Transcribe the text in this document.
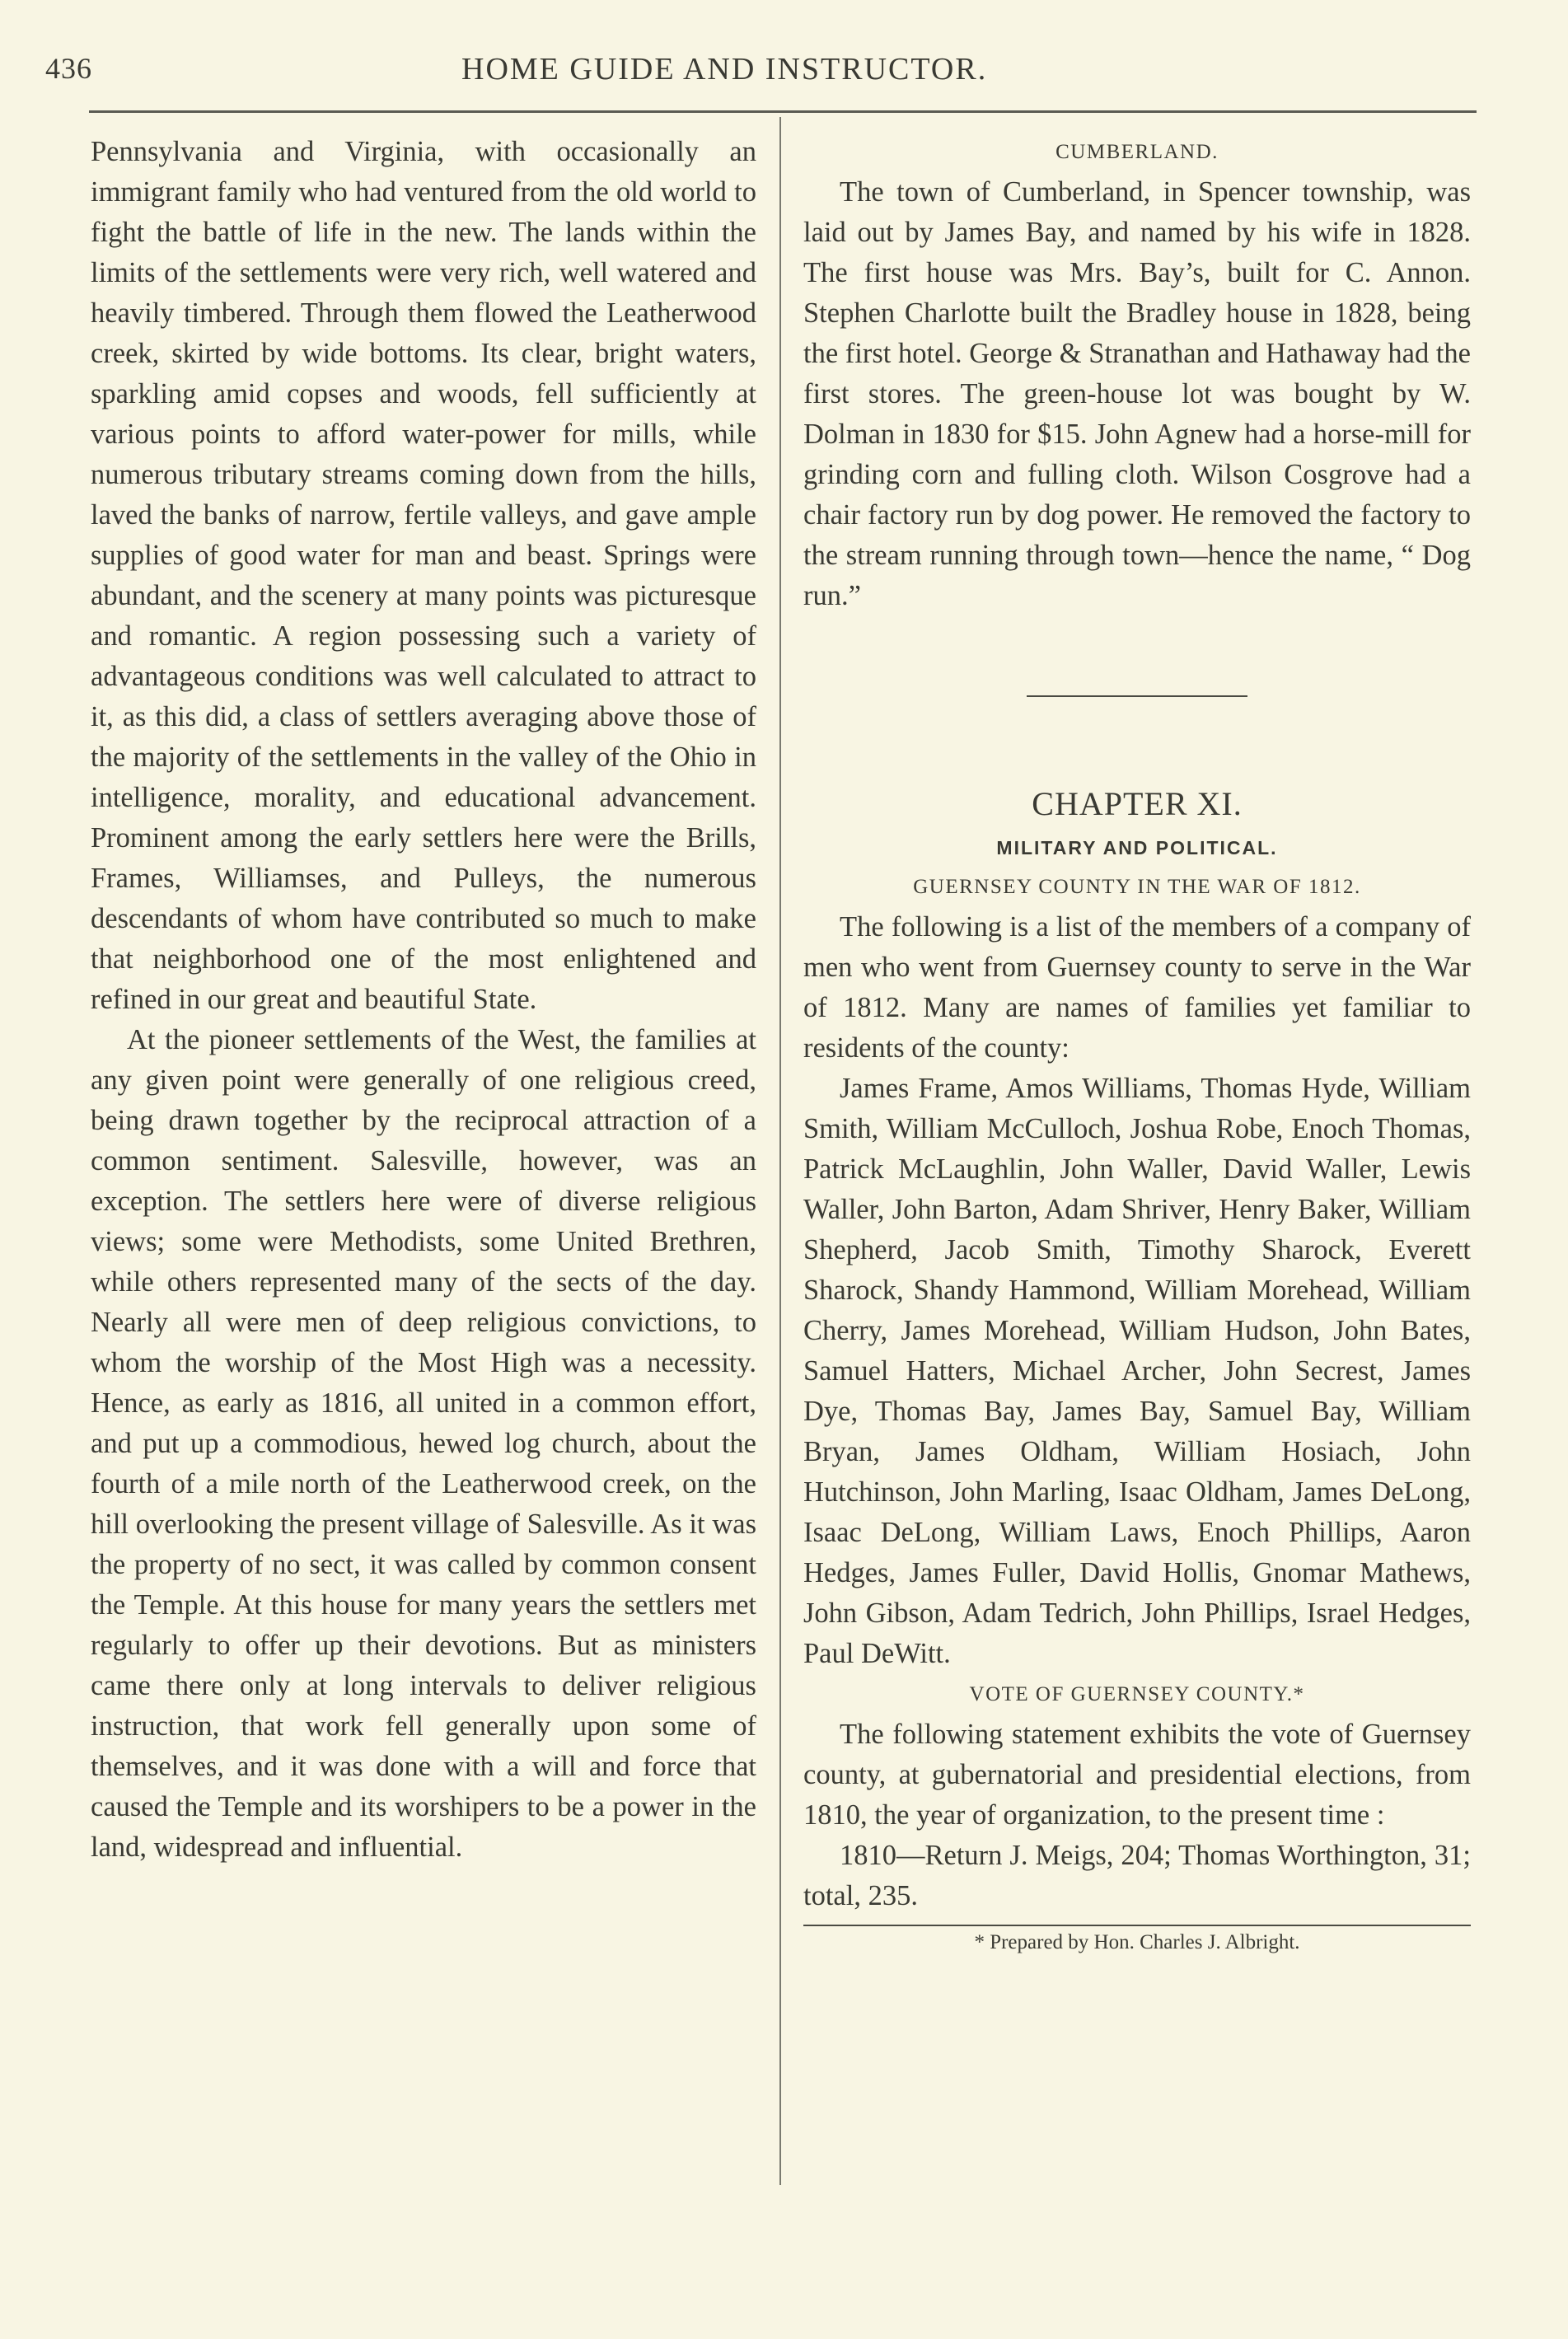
436	HOME GUIDE AND INSTRUCTOR.

Pennsylvania and Virginia, with occasionally an immigrant family who had ventured from the old world to fight the battle of life in the new. The lands within the limits of the settlements were very rich, well watered and heavily timbered. Through them flowed the Leatherwood creek, skirted by wide bottoms. Its clear, bright waters, sparkling amid copses and woods, fell sufficiently at various points to afford water-power for mills, while numerous tributary streams coming down from the hills, laved the banks of narrow, fertile valleys, and gave ample supplies of good water for man and beast. Springs were abundant, and the scenery at many points was picturesque and romantic. A region possessing such a variety of advantageous conditions was well calculated to attract to it, as this did, a class of settlers averaging above those of the majority of the settlements in the valley of the Ohio in intelligence, morality, and educational advancement. Prominent among the early settlers here were the Brills, Frames, Williamses, and Pulleys, the numerous descendants of whom have contributed so much to make that neighborhood one of the most enlightened and refined in our great and beautiful State.

At the pioneer settlements of the West, the families at any given point were generally of one religious creed, being drawn together by the reciprocal attraction of a common sentiment. Salesville, however, was an exception. The settlers here were of diverse religious views; some were Methodists, some United Brethren, while others represented many of the sects of the day. Nearly all were men of deep religious convictions, to whom the worship of the Most High was a necessity. Hence, as early as 1816, all united in a common effort, and put up a commodious, hewed log church, about the fourth of a mile north of the Leatherwood creek, on the hill overlooking the present village of Salesville. As it was the property of no sect, it was called by common consent the Temple. At this house for many years the settlers met regularly to offer up their devotions. But as ministers came there only at long intervals to deliver religious instruction, that work fell generally upon some of themselves, and it was done with a will and force that caused the Temple and its worshipers to be a power in the land, widespread and influential.

CUMBERLAND.

The town of Cumberland, in Spencer township, was laid out by James Bay, and named by his wife in 1828. The first house was Mrs. Bay’s, built for C. Annon. Stephen Charlotte built the Bradley house in 1828, being the first hotel. George & Stranathan and Hathaway had the first stores. The green-house lot was bought by W. Dolman in 1830 for $15. John Agnew had a horse-mill for grinding corn and fulling cloth. Wilson Cosgrove had a chair factory run by dog power. He removed the factory to the stream running through town—hence the name, “ Dog run.”

CHAPTER XI.

MILITARY AND POLITICAL.

GUERNSEY COUNTY IN THE WAR OF 1812.

The following is a list of the members of a company of men who went from Guernsey county to serve in the War of 1812. Many are names of families yet familiar to residents of the county:

James Frame, Amos Williams, Thomas Hyde, William Smith, William McCulloch, Joshua Robe, Enoch Thomas, Patrick McLaughlin, John Waller, David Waller, Lewis Waller, John Barton, Adam Shriver, Henry Baker, William Shepherd, Jacob Smith, Timothy Sharock, Everett Sharock, Shandy Hammond, William Morehead, William Cherry, James Morehead, William Hudson, John Bates, Samuel Hatters, Michael Archer, John Secrest, James Dye, Thomas Bay, James Bay, Samuel Bay, William Bryan, James Oldham, William Hosiach, John Hutchinson, John Marling, Isaac Oldham, James DeLong, Isaac DeLong, William Laws, Enoch Phillips, Aaron Hedges, James Fuller, David Hollis, Gnomar Mathews, John Gibson, Adam Tedrich, John Phillips, Israel Hedges, Paul DeWitt.

VOTE OF GUERNSEY COUNTY.*

The following statement exhibits the vote of Guernsey county, at gubernatorial and presidential elections, from 1810, the year of organization, to the present time :

1810—Return J. Meigs, 204; Thomas Worthington, 31; total, 235.

* Prepared by Hon. Charles J. Albright.
